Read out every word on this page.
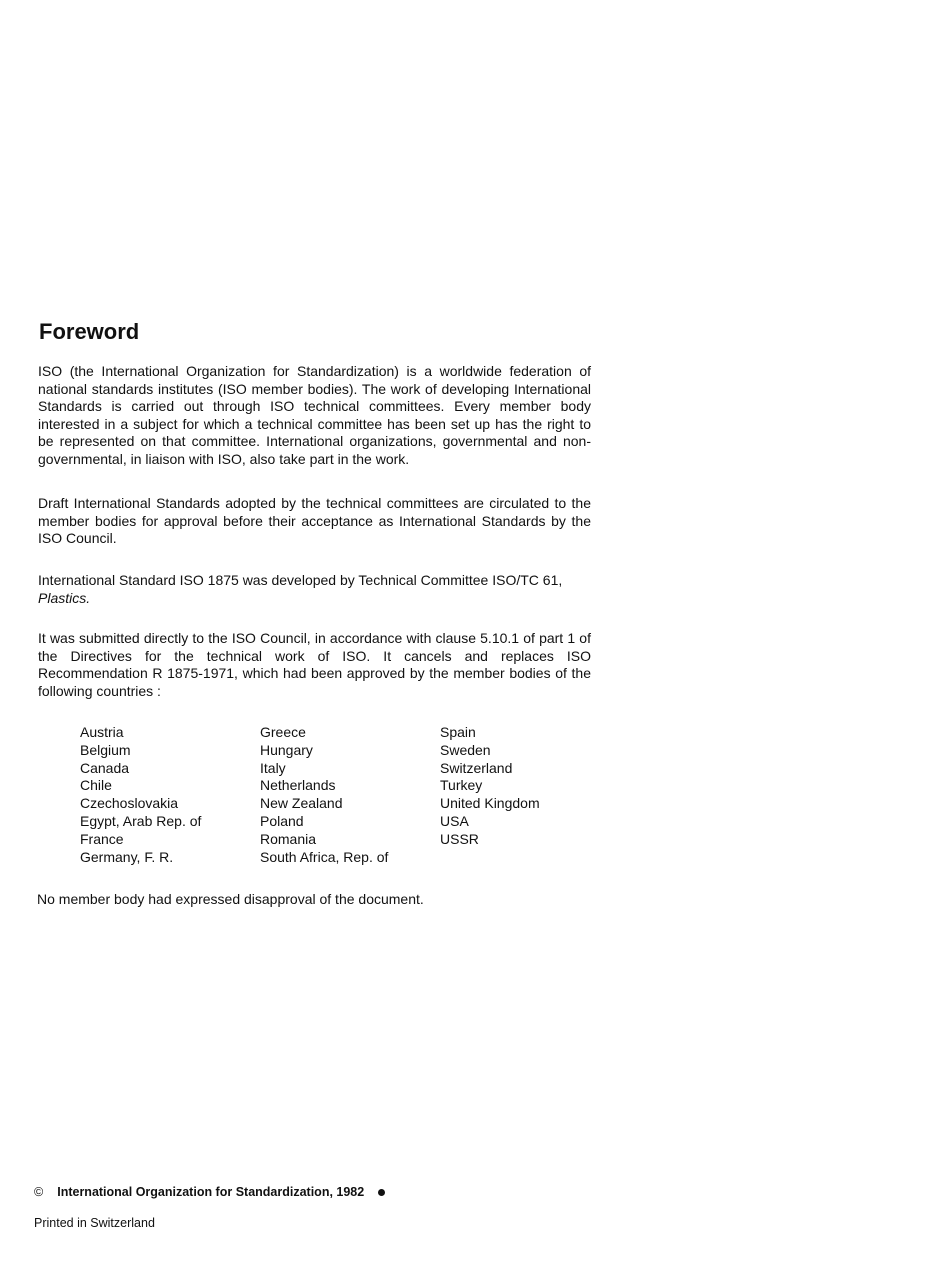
Foreword

ISO (the International Organization for Standardization) is a worldwide federation of national standards institutes (ISO member bodies). The work of developing International Standards is carried out through ISO technical committees. Every member body interested in a subject for which a technical committee has been set up has the right to be represented on that committee. International organizations, governmental and non-governmental, in liaison with ISO, also take part in the work.

Draft International Standards adopted by the technical committees are circulated to the member bodies for approval before their acceptance as International Standards by the ISO Council.

International Standard ISO 1875 was developed by Technical Committee ISO/TC 61,
Plastics.

It was submitted directly to the ISO Council, in accordance with clause 5.10.1 of part 1 of the Directives for the technical work of ISO. It cancels and replaces ISO Recommendation R 1875-1971, which had been approved by the member bodies of the following countries :

Austria
Belgium
Canada
Chile
Czechoslovakia
Egypt, Arab Rep. of
France
Germany, F. R.
Greece
Hungary
Italy
Netherlands
New Zealand
Poland
Romania
South Africa, Rep. of
Spain
Sweden
Switzerland
Turkey
United Kingdom
USA
USSR

No member body had expressed disapproval of the document.

© International Organization for Standardization, 1982

Printed in Switzerland
